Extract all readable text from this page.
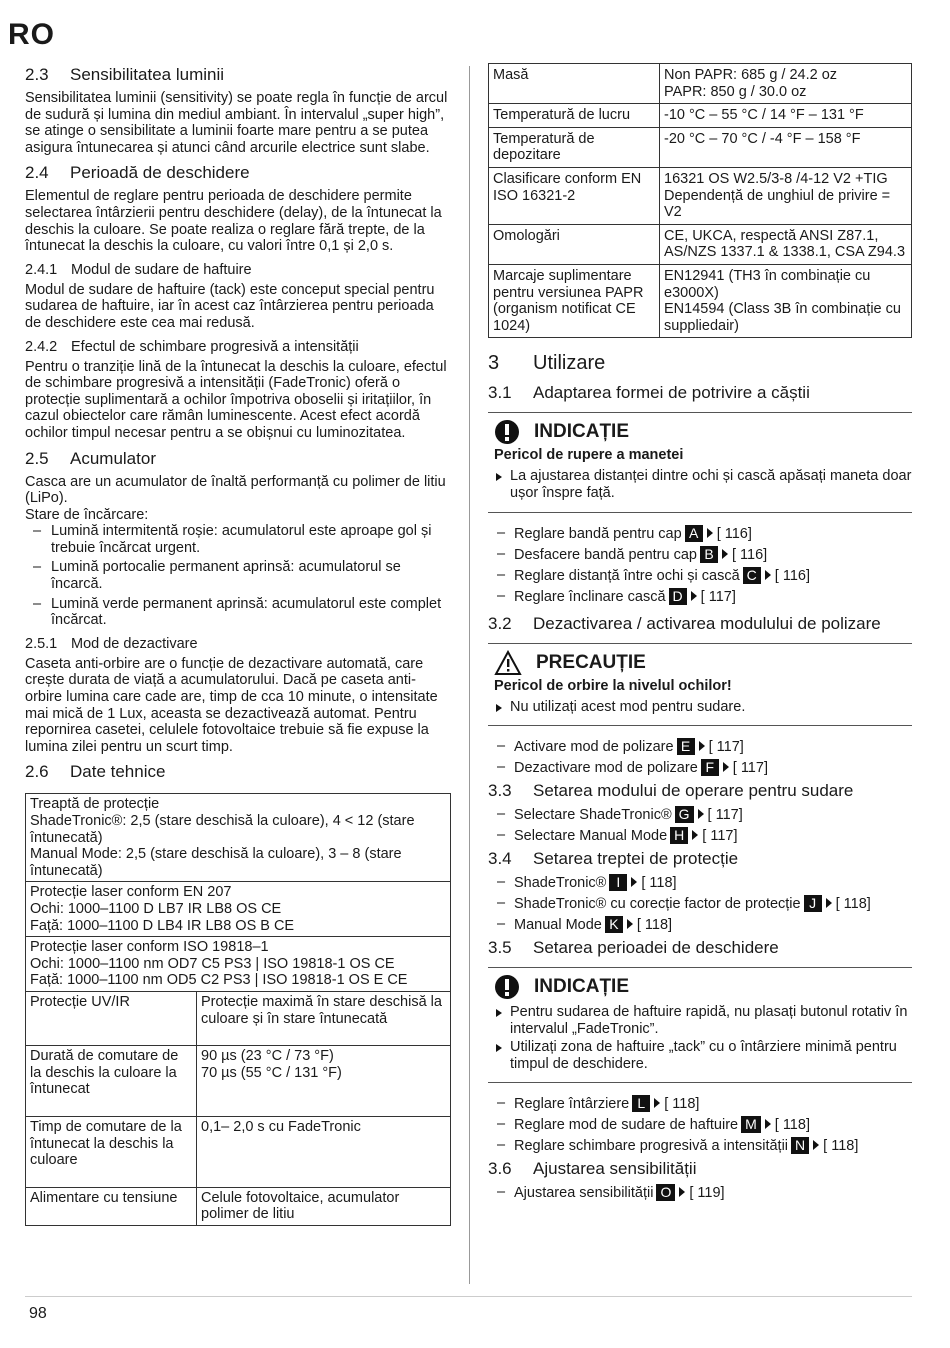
RO
2.3 Sensibilitatea luminii

Sensibilitatea luminii (sensitivity) se poate regla în funcție de arcul de sudură și lumina din mediul ambiant. În intervalul „super high”, se atinge o sensibilitate a luminii foarte mare pentru a se putea asigura întunecarea și atunci când arcurile electrice sunt slabe.

2.4 Perioadă de deschidere

Elementul de reglare pentru perioada de deschidere permite selectarea întârzierii pentru deschidere (delay), de la întunecat la deschis la culoare. Se poate realiza o reglare fără trepte, de la întunecat la deschis la culoare, cu valori între 0,1 și 2,0 s.

2.4.1 Modul de sudare de haftuire

Modul de sudare de haftuire (tack) este conceput special pentru sudarea de haftuire, iar în acest caz întârzierea pentru perioada de deschidere este cea mai redusă.

2.4.2 Efectul de schimbare progresivă a intensității

Pentru o tranziție lină de la întunecat la deschis la culoare, efectul de schimbare progresivă a intensității (FadeTronic) oferă o protecție suplimentară a ochilor împotriva oboselii și iritațiilor, în cazul obiectelor care rămân luminescente. Acest efect acordă ochilor timpul necesar pentru a se obișnui cu luminozitatea.

2.5 Acumulator

Casca are un acumulator de înaltă performanță cu polimer de litiu (LiPo).

Stare de încărcare:

– Lumină intermitentă roșie: acumulatorul este aproape gol și trebuie încărcat urgent.
– Lumină portocalie permanent aprinsă: acumulatorul se încarcă.
– Lumină verde permanent aprinsă: acumulatorul este complet încărcat.
2.5.1 Mod de dezactivare

Caseta anti-orbire are o funcție de dezactivare automată, care crește durata de viață a acumulatorului. Dacă pe caseta anti-orbire lumina care cade are, timp de cca 10 minute, o intensitate mai mică de 1 Lux, aceasta se dezactivează automat. Pentru repornirea casetei, celulele fotovoltaice trebuie să fie expuse la lumina zilei pentru un scurt timp.

2.6 Date tehnice
Treaptă de protecție
ShadeTronic®: 2,5 (stare deschisă la culoare), 4 < 12 (stare întunecată)
Manual Mode: 2,5 (stare deschisă la culoare), 3 – 8 (stare întunecată)	

Protecție laser conform EN 207
Ochi: 1000–1100 D LB7 IR LB8 OS CE
Față: 1000–1100 D LB4 IR LB8 OS B CE	

Protecție laser conform ISO 19818–1
Ochi: 1000–1100 nm OD7 C5 PS3 | ISO 19818-1 OS CE
Față: 1000–1100 nm OD5 C2 PS3 | ISO 19818-1 OS E CE	

Protecție UV/IR	Protecție maximă în stare deschisă la culoare și în stare întunecată
Durată de comutare de la deschis la culoare la întunecat	90 µs (23 °C / 73 °F)
70 µs (55 °C / 131 °F)
Timp de comutare de la întunecat la deschis la culoare	0,1– 2,0 s cu FadeTronic
Alimentare cu tensiune	Celule fotovoltaice, acumulator polimer de litiu
Masă	Non PAPR: 685 g / 24.2 oz
PAPR: 850 g / 30.0 oz
Temperatură de lucru	-10 °C – 55 °C / 14 °F – 131 °F
Temperatură de depozitare	-20 °C – 70 °C / -4 °F – 158 °F
Clasificare conform EN ISO 16321-2	16321 OS W2.5/3-8 /4-12 V2 +TIG
Dependență de unghiul de privire = V2
Omologări	CE, UKCA, respectă ANSI Z87.1, AS/NZS 1337.1 & 1338.1, CSA Z94.3
Marcaje suplimentare pentru versiunea PAPR (organism notificat CE 1024)	EN12941 (TH3 în combinație cu e3000X)
EN14594 (Class 3B în combinație cu suppliedair)
3 Utilizare
3.1 Adaptarea formei de potrivire a căștii
INDICAȚIE
Pericol de rupere a manetei
La ajustarea distanței dintre ochi și cască apăsați maneta doar ușor înspre față.
– Reglare bandă pentru cap A [ 116]
– Desfacere bandă pentru cap B [ 116]
– Reglare distanță între ochi și cască C [ 116]
– Reglare înclinare cască D [ 117]
3.2 Dezactivarea / activarea modulului de polizare
PRECAUȚIE
Pericol de orbire la nivelul ochilor!
Nu utilizați acest mod pentru sudare.
– Activare mod de polizare E [ 117]
– Dezactivare mod de polizare F [ 117]
3.3 Setarea modului de operare pentru sudare
– Selectare ShadeTronic® G [ 117]
– Selectare Manual Mode H [ 117]
3.4 Setarea treptei de protecție
– ShadeTronic® I [ 118]
– ShadeTronic® cu corecție factor de protecție J [ 118]
– Manual Mode K [ 118]
3.5 Setarea perioadei de deschidere
INDICAȚIE
Pentru sudarea de haftuire rapidă, nu plasați butonul rotativ în intervalul „FadeTronic”.
Utilizați zona de haftuire „tack” cu o întârziere minimă pentru timpul de deschidere.
– Reglare întârziere L [ 118]
– Reglare mod de sudare de haftuire M [ 118]
– Reglare schimbare progresivă a intensității N [ 118]
3.6 Ajustarea sensibilității
– Ajustarea sensibilității O [ 119]
98
